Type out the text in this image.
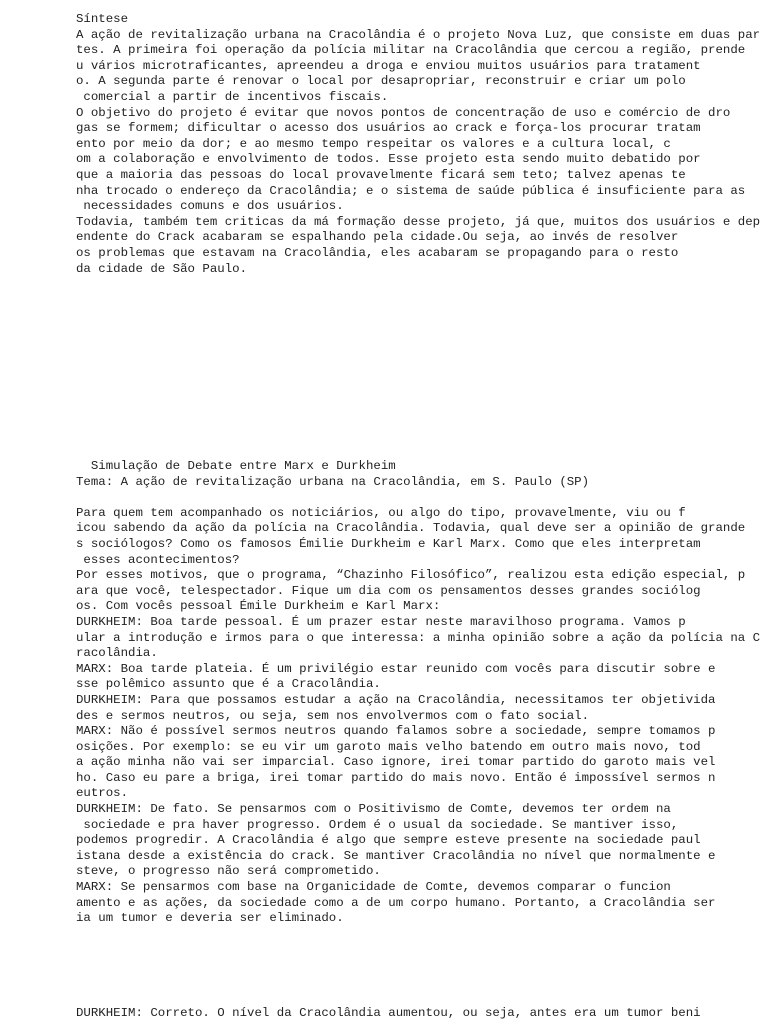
Síntese
A ação de revitalização urbana na Cracolândia é o projeto Nova Luz, que consiste em duas par
tes. A primeira foi operação da polícia militar na Cracolândia que cercou a região, prende
u vários microtraficantes, apreendeu a droga e enviou muitos usuários para tratament
o. A segunda parte é renovar o local por desapropriar, reconstruir e criar um polo
comercial a partir de incentivos fiscais.
O objetivo do projeto é evitar que novos pontos de concentração de uso e comércio de dro
gas se formem; dificultar o acesso dos usuários ao crack e força-los procurar tratam
ento por meio da dor; e ao mesmo tempo respeitar os valores e a cultura local, c
om a colaboração e envolvimento de todos. Esse projeto esta sendo muito debatido por
que a maioria das pessoas do local provavelmente ficará sem teto; talvez apenas te
nha trocado o endereço da Cracolândia; e o sistema de saúde pública é insuficiente para as
necessidades comuns e dos usuários.
Todavia, também tem criticas da má formação desse projeto, já que, muitos dos usuários e dep
endente do Crack acabaram se espalhando pela cidade.Ou seja, ao invés de resolver
os problemas que estavam na Cracolândia, eles acabaram se propagando para o resto
da cidade de São Paulo.
Simulação de Debate entre Marx e Durkheim
Tema: A ação de revitalização urbana na Cracolândia, em S. Paulo (SP)

Para quem tem acompanhado os noticiários, ou algo do tipo, provavelmente, viu ou f
icou sabendo da ação da polícia na Cracolândia. Todavia, qual deve ser a opinião de grande
s sociólogos? Como os famosos Émilie Durkheim e Karl Marx. Como que eles interpretam
esses acontecimentos?
Por esses motivos, que o programa, “Chazinho Filosófico”, realizou esta edição especial, p
ara que você, telespectador. Fique um dia com os pensamentos desses grandes sociólog
os. Com vocês pessoal Émile Durkheim e Karl Marx:
DURKHEIM: Boa tarde pessoal. É um prazer estar neste maravilhoso programa. Vamos p
ular a introdução e irmos para o que interessa: a minha opinião sobre a ação da polícia na C
racolândia.
MARX: Boa tarde plateia. É um privilégio estar reunido com vocês para discutir sobre e
sse polêmico assunto que é a Cracolândia.
DURKHEIM: Para que possamos estudar a ação na Cracolândia, necessitamos ter objetivida
des e sermos neutros, ou seja, sem nos envolvermos com o fato social.
MARX: Não é possível sermos neutros quando falamos sobre a sociedade, sempre tomamos p
osições. Por exemplo: se eu vir um garoto mais velho batendo em outro mais novo, tod
a ação minha não vai ser imparcial. Caso ignore, irei tomar partido do garoto mais vel
ho. Caso eu pare a briga, irei tomar partido do mais novo. Então é impossível sermos n
eutros.
DURKHEIM: De fato. Se pensarmos com o Positivismo de Comte, devemos ter ordem na
sociedade e pra haver progresso. Ordem é o usual da sociedade. Se mantiver isso,
podemos progredir. A Cracolândia é algo que sempre esteve presente na sociedade paul
istana desde a existência do crack. Se mantiver Cracolândia no nível que normalmente e
steve, o progresso não será comprometido.
MARX: Se pensarmos com base na Organicidade de Comte, devemos comparar o funcion
amento e as ações, da sociedade como a de um corpo humano. Portanto, a Cracolândia ser
ia um tumor e deveria ser eliminado.
DURKHEIM: Correto. O nível da Cracolândia aumentou, ou seja, antes era um tumor beni
